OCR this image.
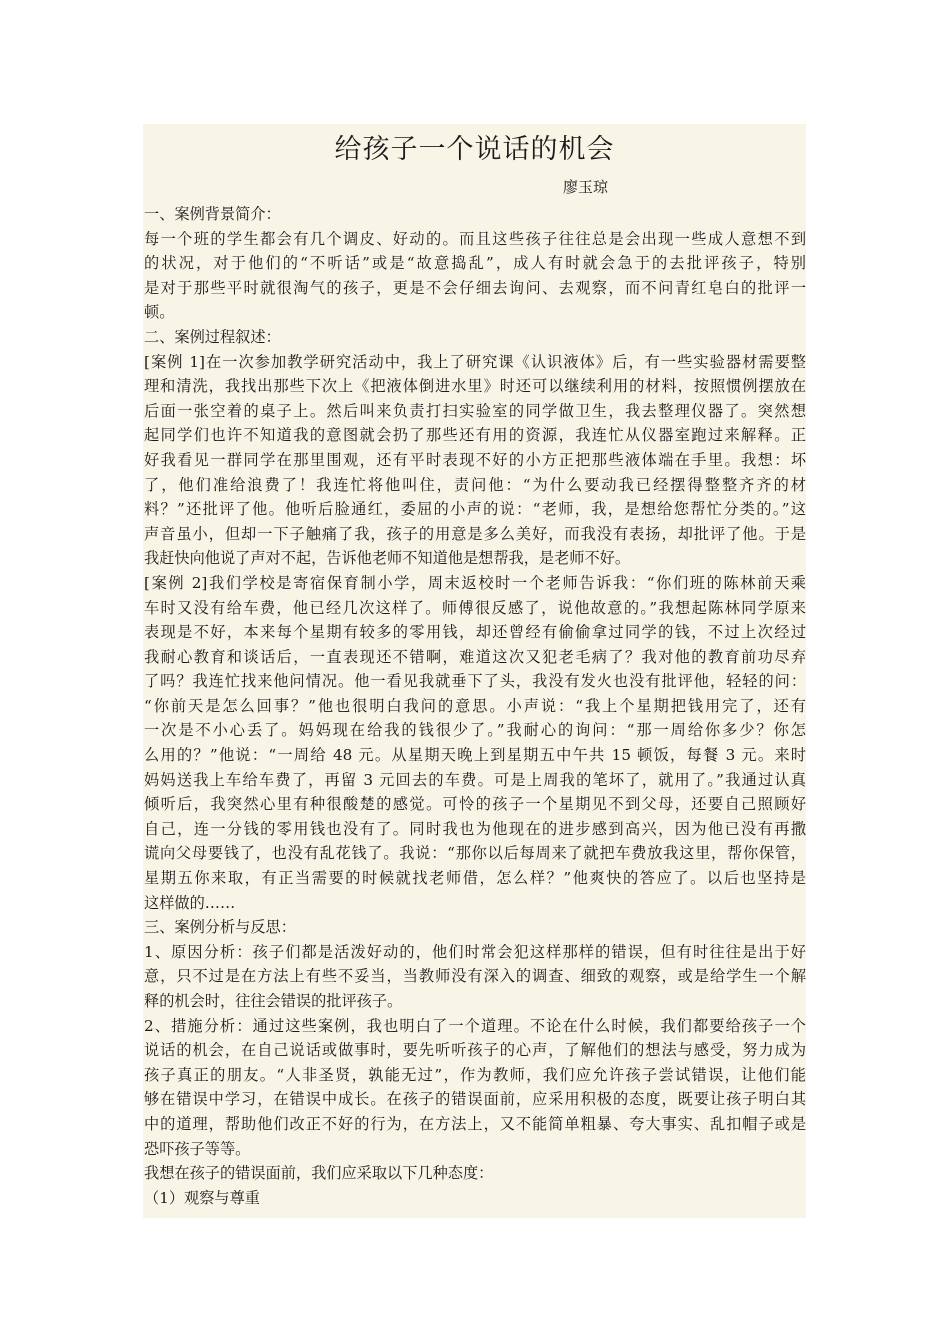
给孩子一个说话的机会
廖玉琼
一、案例背景简介：
每一个班的学生都会有几个调皮、好动的。而且这些孩子往往总是会出现一些成人意想不到
的状况，对于他们的“不听话”或是“故意捣乱”，成人有时就会急于的去批评孩子，特别
是对于那些平时就很淘气的孩子，更是不会仔细去询问、去观察，而不问青红皂白的批评一
顿。
二、案例过程叙述：
[案例 1]在一次参加教学研究活动中，我上了研究课《认识液体》后，有一些实验器材需要整
理和清洗，我找出那些下次上《把液体倒进水里》时还可以继续利用的材料，按照惯例摆放在
后面一张空着的桌子上。然后叫来负责打扫实验室的同学做卫生，我去整理仪器了。突然想
起同学们也许不知道我的意图就会扔了那些还有用的资源，我连忙从仪器室跑过来解释。正
好我看见一群同学在那里围观，还有平时表现不好的小方正把那些液体端在手里。我想：坏
了，他们准给浪费了！我连忙将他叫住，责问他：“为什么要动我已经摆得整整齐齐的材
料？”还批评了他。他听后脸通红，委屈的小声的说：“老师，我，是想给您帮忙分类的。”这
声音虽小，但却一下子触痛了我，孩子的用意是多么美好，而我没有表扬，却批评了他。于是
我赶快向他说了声对不起，告诉他老师不知道他是想帮我，是老师不好。
[案例 2]我们学校是寄宿保育制小学，周末返校时一个老师告诉我：“你们班的陈林前天乘
车时又没有给车费，他已经几次这样了。师傅很反感了，说他故意的。”我想起陈林同学原来
表现是不好，本来每个星期有较多的零用钱，却还曾经有偷偷拿过同学的钱，不过上次经过
我耐心教育和谈话后，一直表现还不错啊，难道这次又犯老毛病了？我对他的教育前功尽弃
了吗？我连忙找来他问情况。他一看见我就垂下了头，我没有发火也没有批评他，轻轻的问：
“你前天是怎么回事？”他也很明白我问的意思。小声说：“我上个星期把钱用完了，还有
一次是不小心丢了。妈妈现在给我的钱很少了。”我耐心的询问：“那一周给你多少？你怎
么用的？”他说：“一周给 48 元。从星期天晚上到星期五中午共 15 顿饭，每餐 3 元。来时
妈妈送我上车给车费了，再留 3 元回去的车费。可是上周我的笔坏了，就用了。”我通过认真
倾听后，我突然心里有种很酸楚的感觉。可怜的孩子一个星期见不到父母，还要自己照顾好
自己，连一分钱的零用钱也没有了。同时我也为他现在的进步感到高兴，因为他已没有再撒
谎向父母要钱了，也没有乱花钱了。我说：“那你以后每周来了就把车费放我这里，帮你保管，
星期五你来取，有正当需要的时候就找老师借，怎么样？”他爽快的答应了。以后也坚持是
这样做的……
三、案例分析与反思：
1、原因分析：孩子们都是活泼好动的，他们时常会犯这样那样的错误，但有时往往是出于好
意，只不过是在方法上有些不妥当，当教师没有深入的调查、细致的观察，或是给学生一个解
释的机会时，往往会错误的批评孩子。
2、措施分析：通过这些案例，我也明白了一个道理。不论在什么时候，我们都要给孩子一个
说话的机会，在自己说话或做事时，要先听听孩子的心声，了解他们的想法与感受，努力成为
孩子真正的朋友。“人非圣贤，孰能无过”，作为教师，我们应允许孩子尝试错误，让他们能
够在错误中学习，在错误中成长。在孩子的错误面前，应采用积极的态度，既要让孩子明白其
中的道理，帮助他们改正不好的行为，在方法上，又不能简单粗暴、夸大事实、乱扣帽子或是
恐吓孩子等等。
我想在孩子的错误面前，我们应采取以下几种态度：
（1）观察与尊重
